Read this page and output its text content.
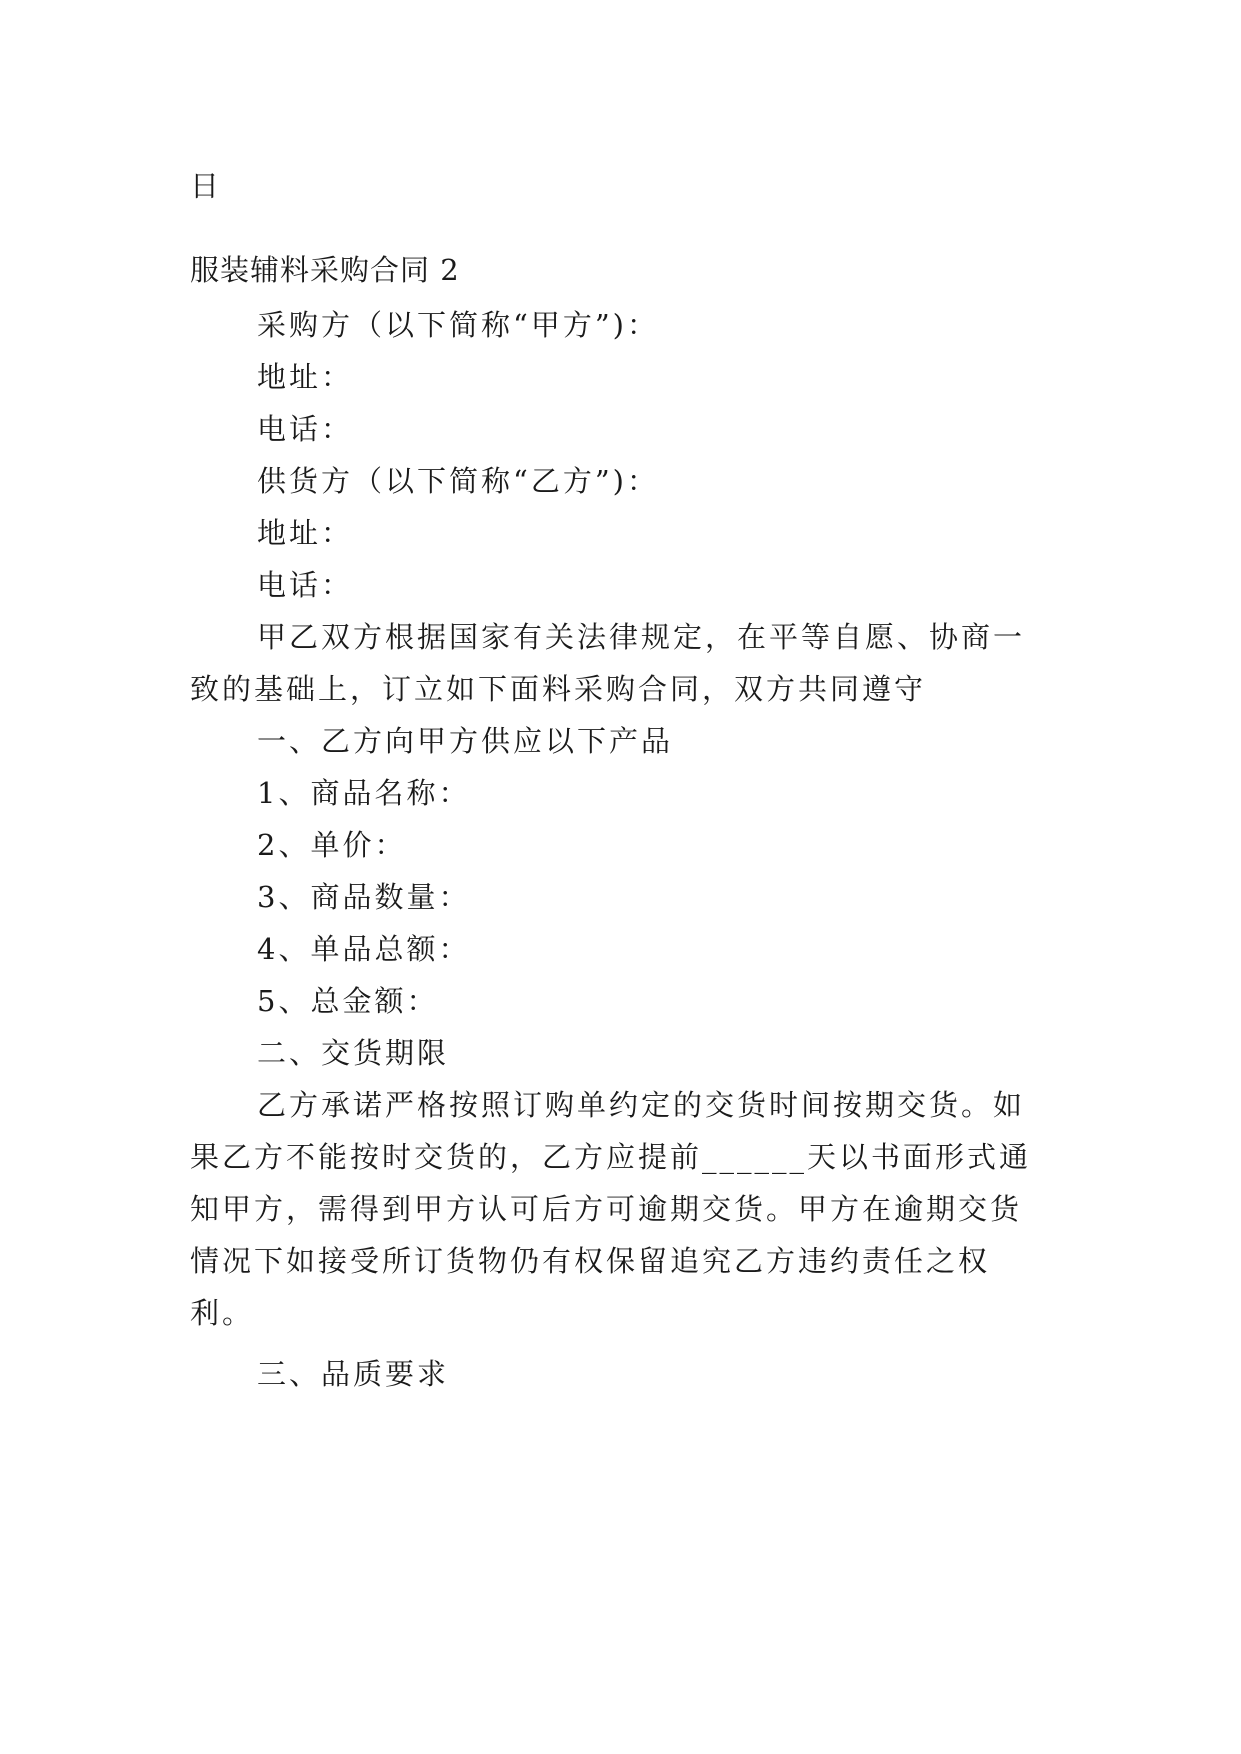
日
服装辅料采购合同 2
采购方（以下简称“甲方”)：
地址：
电话：
供货方（以下简称“乙方”)：
地址：
电话：
甲乙双方根据国家有关法律规定，在平等自愿、协商一
致的基础上，订立如下面料采购合同，双方共同遵守
一、乙方向甲方供应以下产品
1、商品名称：
2、单价：
3、商品数量：
4、单品总额：
5、总金额：
二、交货期限
乙方承诺严格按照订购单约定的交货时间按期交货。如
果乙方不能按时交货的，乙方应提前______天以书面形式通
知甲方，需得到甲方认可后方可逾期交货。甲方在逾期交货
情况下如接受所订货物仍有权保留追究乙方违约责任之权
利。
三、品质要求
